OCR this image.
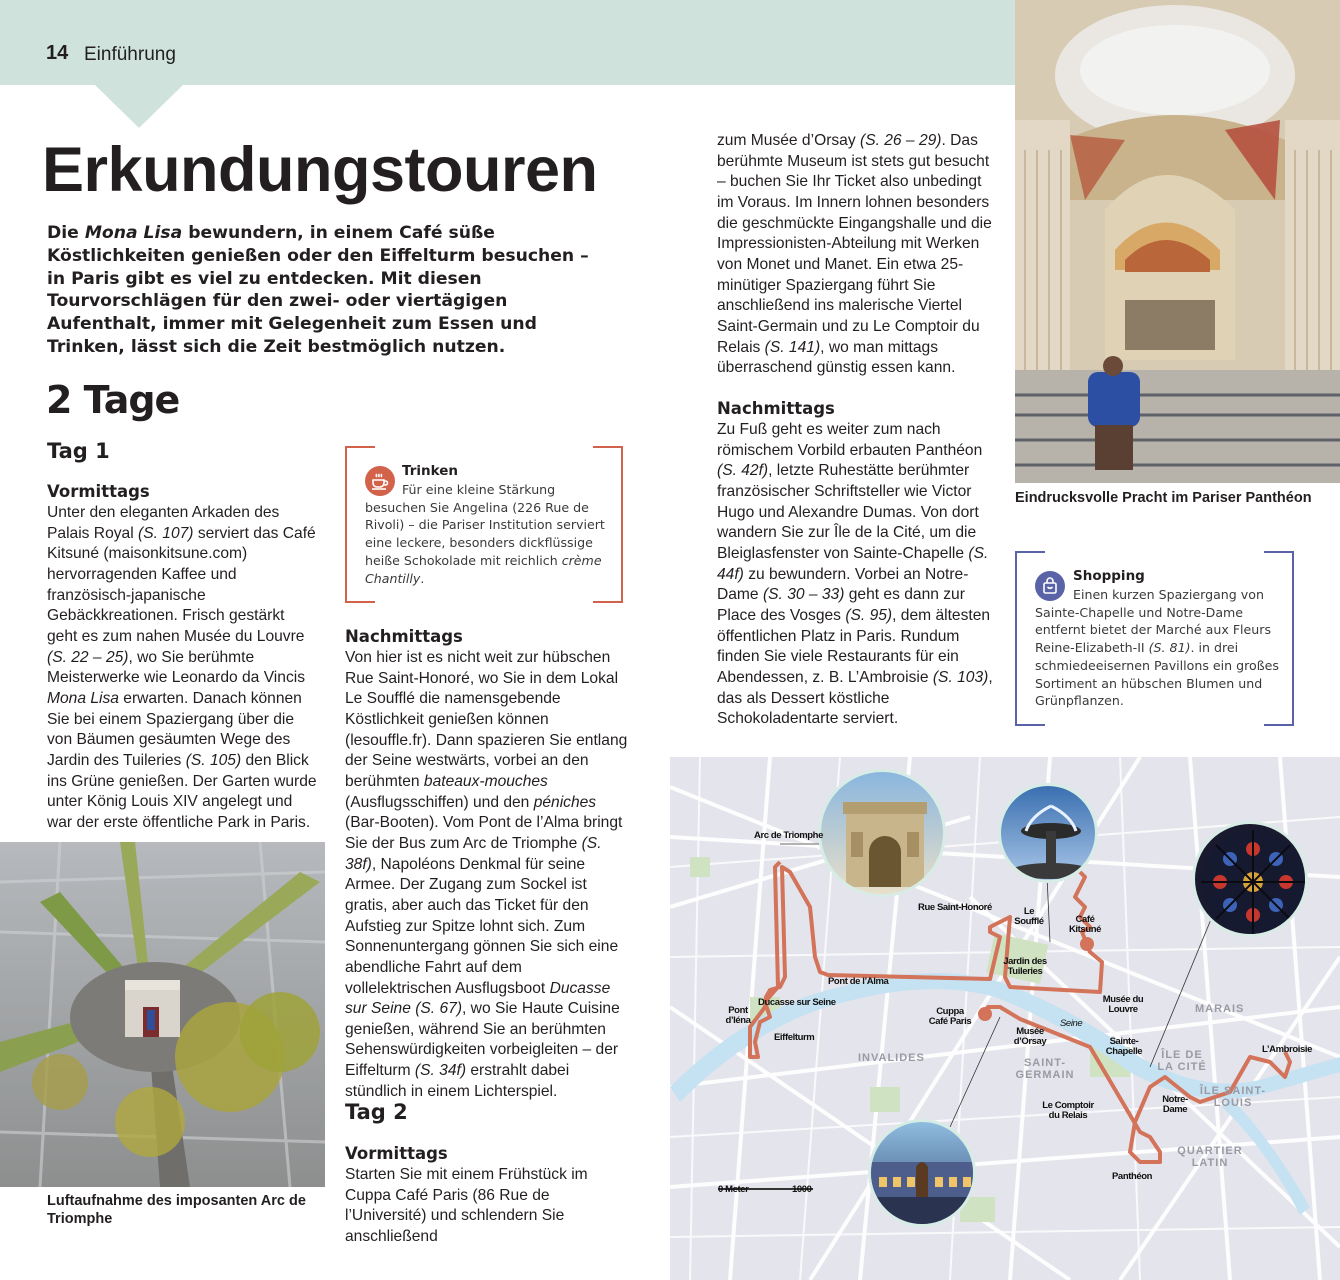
14 Einführung
Erkundungstouren

Die Mona Lisa bewundern, in einem Café süße Köstlichkeiten genießen oder den Eiffelturm besuchen – in Paris gibt es viel zu entdecken. Mit diesen Tourvorschlägen für den zwei- oder viertägigen Aufenthalt, immer mit Gelegenheit zum Essen und Trinken, lässt sich die Zeit bestmöglich nutzen.

2 Tage
Tag 1
Vormittags

Unter den eleganten Arkaden des Palais Royal (S. 107) serviert das Café Kitsuné (maisonkitsune.com) hervorragenden Kaffee und französisch-japanische Gebäckkreationen. Frisch gestärkt geht es zum nahen Musée du Louvre (S. 22 – 25), wo Sie berühmte Meisterwerke wie Leonardo da Vincis Mona Lisa erwarten. Danach können Sie bei einem Spaziergang über die von Bäumen gesäumten Wege des Jardin des Tuileries (S. 105) den Blick ins Grüne genießen. Der Garten wurde unter König Louis XIV angelegt und war der erste öffentliche Park in Paris.

Luftaufnahme des imposanten Arc de Triomphe
Trinken

Für eine kleine Stärkung besuchen Sie Angelina (226 Rue de Rivoli) – die Pariser Institution serviert eine leckere, besonders dickflüssige heiße Schokolade mit reichlich crème Chantilly.

Nachmittags

Von hier ist es nicht weit zur hübschen Rue Saint-Honoré, wo Sie in dem Lokal Le Soufflé die namensgebende Köstlichkeit genießen können (lesouffle.fr). Dann spazieren Sie entlang der Seine westwärts, vorbei an den berühmten bateaux-mouches (Ausflugsschiffen) und den péniches (Bar-Booten). Vom Pont de l’Alma bringt Sie der Bus zum Arc de Triomphe (S. 38f), Napoléons Denkmal für seine Armee. Der Zugang zum Sockel ist gratis, aber auch das Ticket für den Aufstieg zur Spitze lohnt sich. Zum Sonnenuntergang gönnen Sie sich eine abendliche Fahrt auf dem vollelektrischen Ausflugsboot Ducasse sur Seine (S. 67), wo Sie Haute Cuisine genießen, während Sie an berühmten Sehenswürdigkeiten vorbeigleiten – der Eiffelturm (S. 34f) erstrahlt dabei stündlich in einem Lichterspiel.

Tag 2
Vormittags

Starten Sie mit einem Frühstück im Cuppa Café Paris (86 Rue de l’Université) und schlendern Sie anschließend

zum Musée d’Orsay (S. 26 – 29). Das berühmte Museum ist stets gut besucht – buchen Sie Ihr Ticket also unbedingt im Voraus. Im Innern lohnen besonders die geschmückte Eingangshalle und die Impressionisten-Abteilung mit Werken von Monet und Manet. Ein etwa 25-minütiger Spaziergang führt Sie anschließend ins malerische Viertel Saint-Germain und zu Le Comptoir du Relais (S. 141), wo man mittags überraschend günstig essen kann.

Nachmittags

Zu Fuß geht es weiter zum nach römischem Vorbild erbauten Panthéon (S. 42f), letzte Ruhestätte berühmter französischer Schriftsteller wie Victor Hugo und Alexandre Dumas. Von dort wandern Sie zur Île de la Cité, um die Bleiglasfenster von Sainte-Chapelle (S. 44f) zu bewundern. Vorbei an Notre-Dame (S. 30 – 33) geht es dann zur Place des Vosges (S. 95), dem ältesten öffentlichen Platz in Paris. Rundum finden Sie viele Restaurants für ein Abendessen, z. B. L’Ambroisie (S. 103), das als Dessert köstliche Schokoladentarte serviert.

Eindrucksvolle Pracht im Pariser Panthéon
Shopping

Einen kurzen Spaziergang von Sainte-Chapelle und Notre-Dame entfernt bietet der Marché aux Fleurs Reine-Elizabeth-II (S. 81). in drei schmiedeeisernen Pavillons ein großes Sortiment an hübschen Blumen und Grünpflanzen.

Arc de Triomphe
Rue Saint-Honoré	Le Soufflé	Café Kitsuné
Jardin des Tuileries
Musée du Louvre
Pont de l’Alma
Ducasse sur Seine
Pont d’Iéna
Eiffelturm
Cuppa Café Paris
Musée d’Orsay
Seine
Sainte-Chapelle
Le Comptoir du Relais
Notre-Dame
L’Ambroisie
Panthéon
0 Meter	1000
INVALIDES	SAINT-GERMAIN
ÎLE DE LA CITÉ
ÎLE SAINT-LOUIS
MARAIS
QUARTIER LATIN
